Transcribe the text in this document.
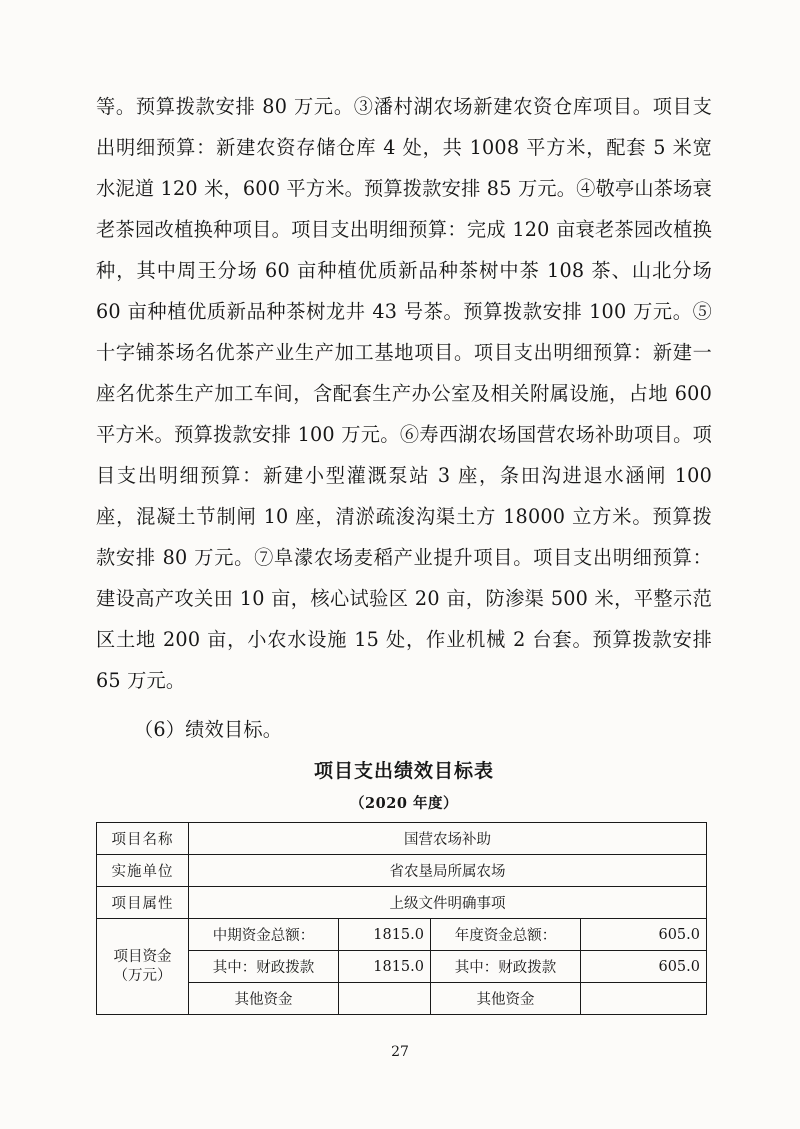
等。预算拨款安排 80 万元。③潘村湖农场新建农资仓库项目。项目支出明细预算：新建农资存储仓库 4 处，共 1008 平方米，配套 5 米宽水泥道 120 米，600 平方米。预算拨款安排 85 万元。④敬亭山茶场衰老茶园改植换种项目。项目支出明细预算：完成 120 亩衰老茶园改植换种，其中周王分场 60 亩种植优质新品种茶树中茶 108 茶、山北分场 60 亩种植优质新品种茶树龙井 43 号茶。预算拨款安排 100 万元。⑤十字铺茶场名优茶产业生产加工基地项目。项目支出明细预算：新建一座名优茶生产加工车间，含配套生产办公室及相关附属设施，占地 600 平方米。预算拨款安排 100 万元。⑥寿西湖农场国营农场补助项目。项目支出明细预算：新建小型灌溉泵站 3 座，条田沟进退水涵闸 100 座，混凝土节制闸 10 座，清淤疏浚沟渠土方 18000 立方米。预算拨款安排 80 万元。⑦阜濛农场麦稻产业提升项目。项目支出明细预算：建设高产攻关田 10 亩，核心试验区 20 亩，防渗渠 500 米，平整示范区土地 200 亩，小农水设施 15 处，作业机械 2 台套。预算拨款安排 65 万元。

（6）绩效目标。

项目支出绩效目标表
（2020 年度）
项目名称	国营农场补助			
实施单位	省农垦局所属农场			
项目属性	上级文件明确事项			

项目资金
（万元）	中期资金总额：	1815.0	年度资金总额：	605.0
	其中：财政拨款	1815.0	其中：财政拨款	605.0
	其他资金		其他资金	
27
